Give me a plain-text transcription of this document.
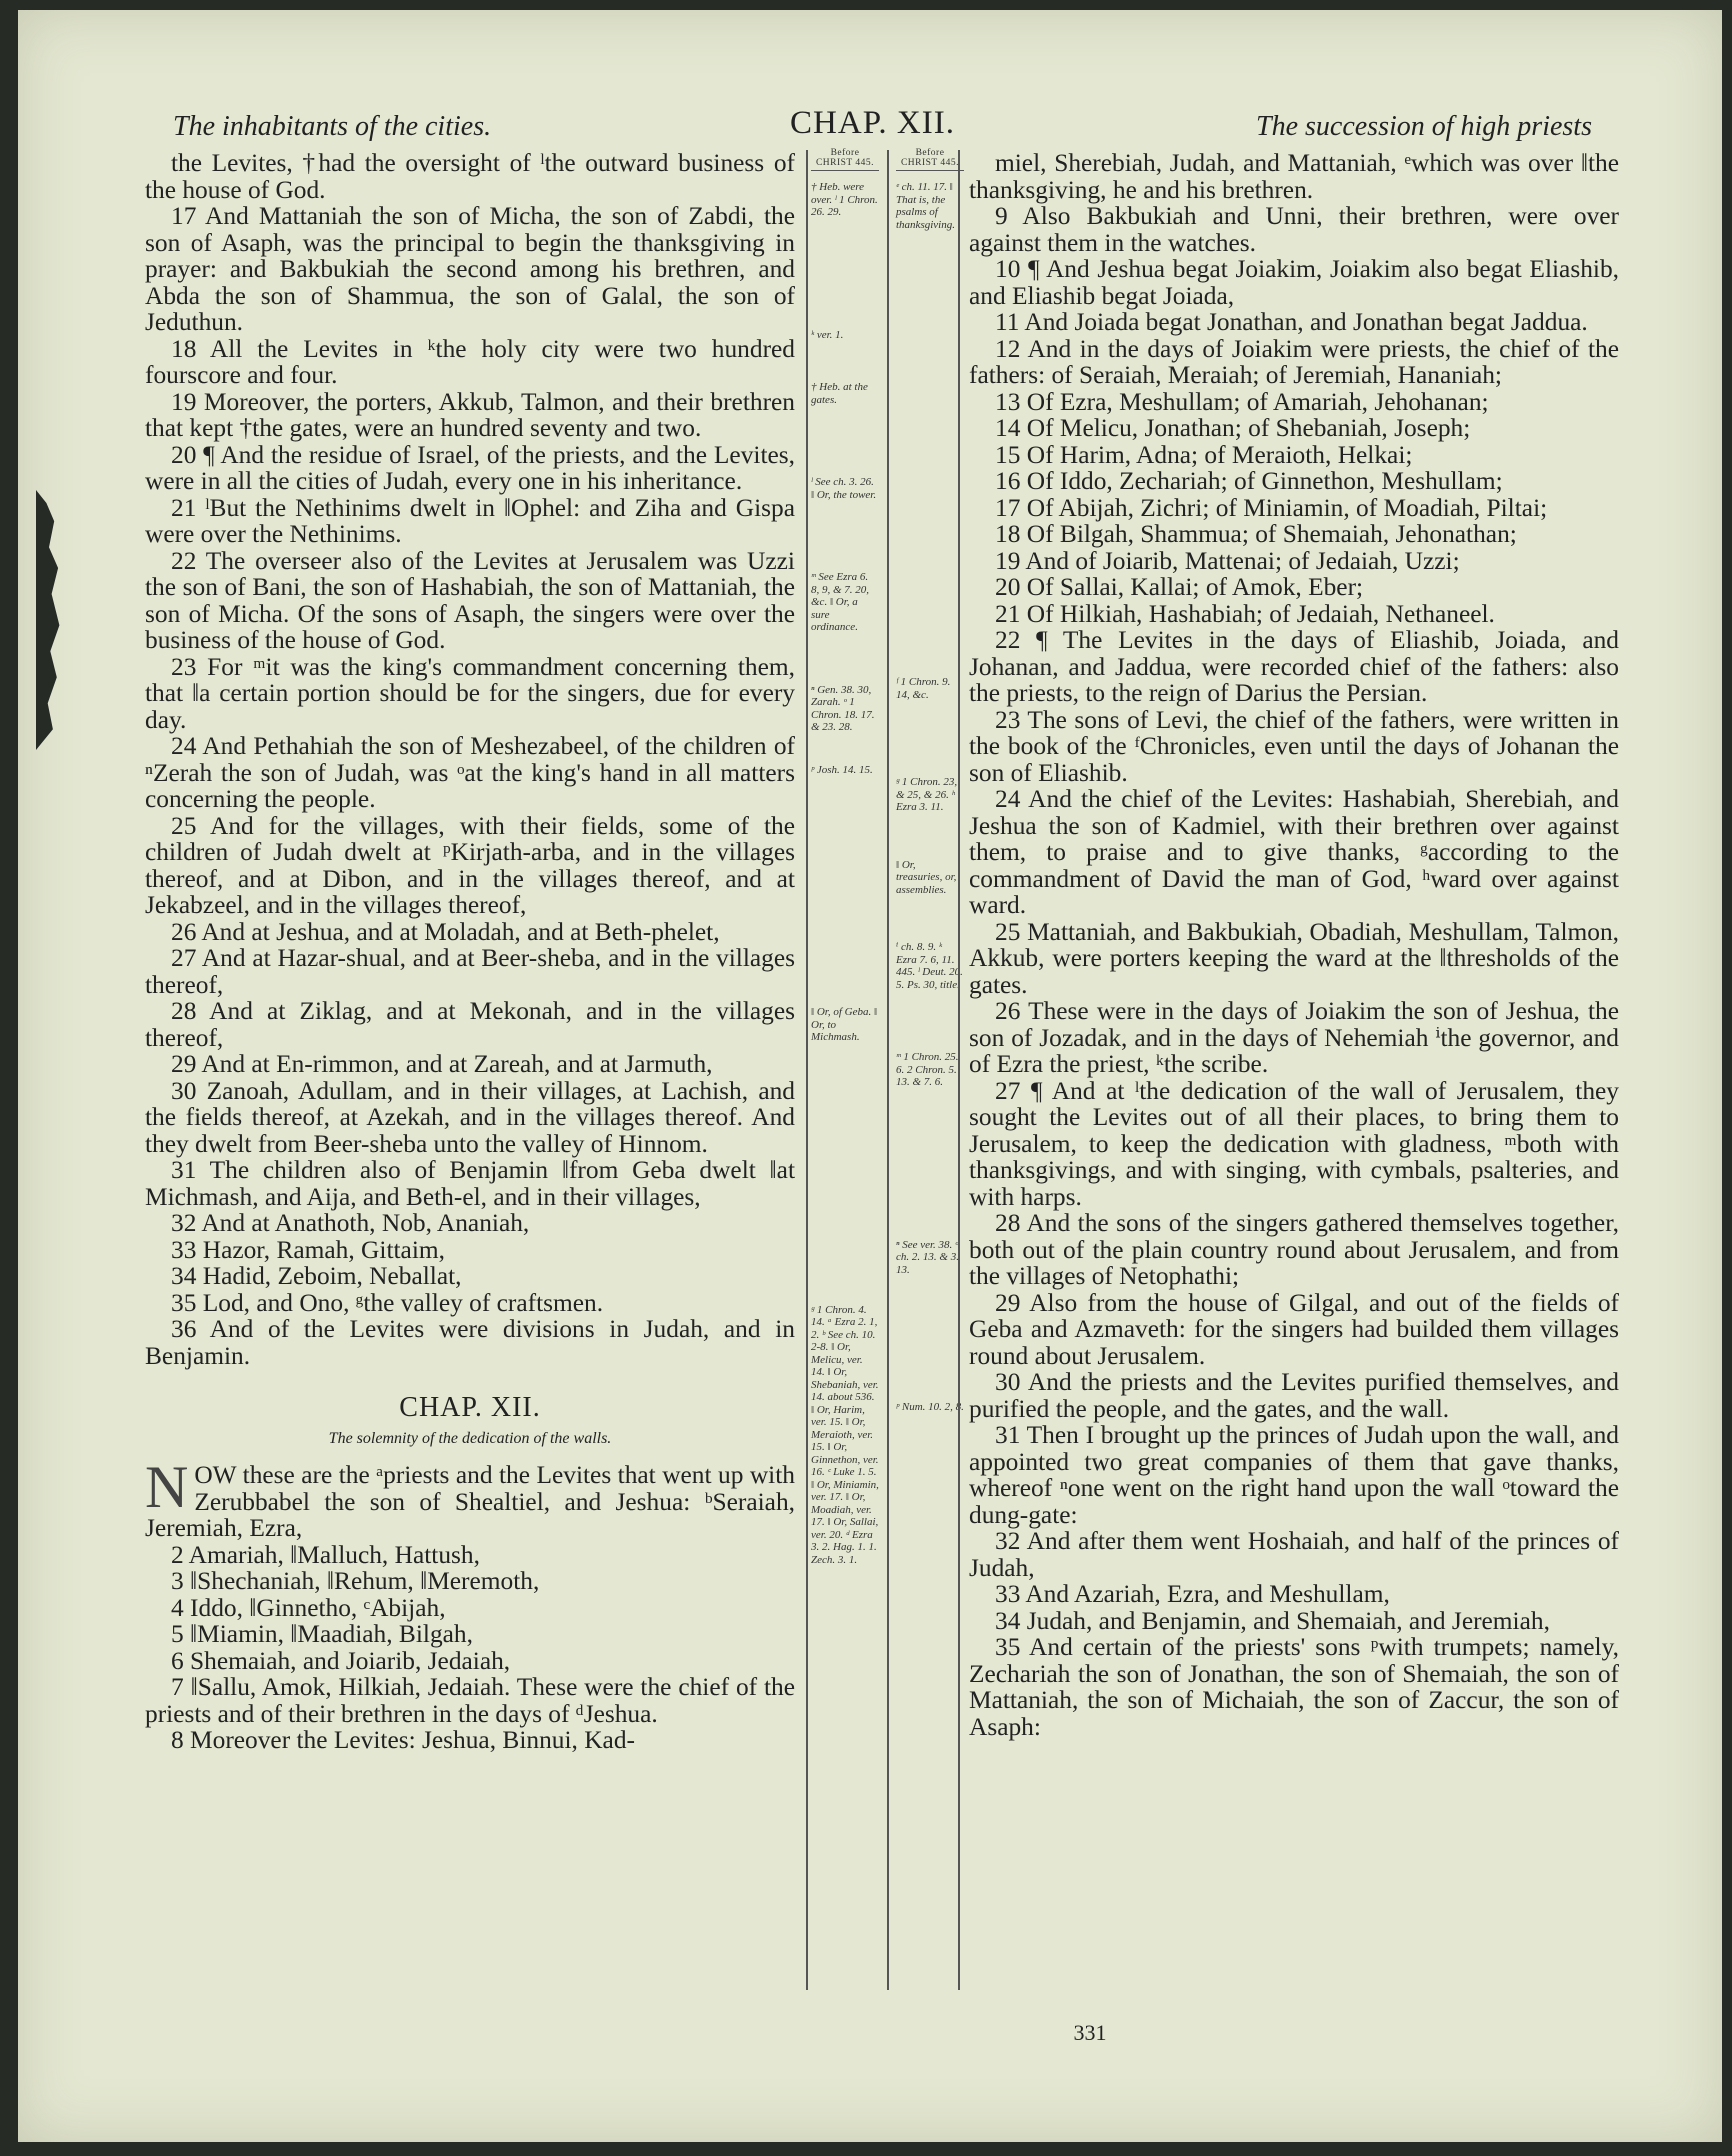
The inhabitants of the cities.	CHAP. XII.	The succession of high priests

the Levites, †had the oversight of ˡthe outward business of the house of God.

17 And Mattaniah the son of Micha, the son of Zabdi, the son of Asaph, was the principal to begin the thanksgiving in prayer: and Bakbukiah the second among his brethren, and Abda the son of Shammua, the son of Galal, the son of Jeduthun.

18 All the Levites in ᵏthe holy city were two hundred fourscore and four.

19 Moreover, the porters, Akkub, Talmon, and their brethren that kept †the gates, were an hundred seventy and two.

20 ¶ And the residue of Israel, of the priests, and the Levites, were in all the cities of Judah, every one in his inheritance.

21 ˡBut the Nethinims dwelt in ‖Ophel: and Ziha and Gispa were over the Nethinims.

22 The overseer also of the Levites at Jerusalem was Uzzi the son of Bani, the son of Hashabiah, the son of Mattaniah, the son of Micha. Of the sons of Asaph, the singers were over the business of the house of God.

23 For ᵐit was the king's commandment concerning them, that ‖a certain portion should be for the singers, due for every day.

24 And Pethahiah the son of Meshezabeel, of the children of ⁿZerah the son of Judah, was ᵒat the king's hand in all matters concerning the people.

25 And for the villages, with their fields, some of the children of Judah dwelt at ᵖKirjath-arba, and in the villages thereof, and at Dibon, and in the villages thereof, and at Jekabzeel, and in the villages thereof,

26 And at Jeshua, and at Moladah, and at Beth-phelet,

27 And at Hazar-shual, and at Beer-sheba, and in the villages thereof,

28 And at Ziklag, and at Mekonah, and in the villages thereof,

29 And at En-rimmon, and at Zareah, and at Jarmuth,

30 Zanoah, Adullam, and in their villages, at Lachish, and the fields thereof, at Azekah, and in the villages thereof. And they dwelt from Beer-sheba unto the valley of Hinnom.

31 The children also of Benjamin ‖from Geba dwelt ‖at Michmash, and Aija, and Beth-el, and in their villages,

32 And at Anathoth, Nob, Ananiah,

33 Hazor, Ramah, Gittaim,

34 Hadid, Zeboim, Neballat,

35 Lod, and Ono, ᵍthe valley of craftsmen.

36 And of the Levites were divisions in Judah, and in Benjamin.

CHAP. XII.
The solemnity of the dedication of the walls.

NOW these are the ᵃpriests and the Levites that went up with Zerubbabel the son of Shealtiel, and Jeshua: ᵇSeraiah, Jeremiah, Ezra,

2 Amariah, ‖Malluch, Hattush,

3 ‖Shechaniah, ‖Rehum, ‖Meremoth,

4 Iddo, ‖Ginnetho, ᶜAbijah,

5 ‖Miamin, ‖Maadiah, Bilgah,

6 Shemaiah, and Joiarib, Jedaiah,

7 ‖Sallu, Amok, Hilkiah, Jedaiah. These were the chief of the priests and of their brethren in the days of ᵈJeshua.

8 Moreover the Levites: Jeshua, Binnui, Kad-

Before CHRIST 445.

† Heb. were over. ˡ 1 Chron. 26. 29.

ᵏ ver. 1.

† Heb. at the gates.

ˡ See ch. 3. 26. ‖ Or, the tower.

ᵐ See Ezra 6. 8, 9, & 7. 20, &c. ‖ Or, a sure ordinance.

ⁿ Gen. 38. 30, Zarah. ᵒ 1 Chron. 18. 17. & 23. 28.

ᵖ Josh. 14. 15.

‖ Or, of Geba. ‖ Or, to Michmash.

ᵍ 1 Chron. 4. 14. ᵃ Ezra 2. 1, 2. ᵇ See ch. 10. 2-8. ‖ Or, Melicu, ver. 14. ‖ Or, Shebaniah, ver. 14. about 536. ‖ Or, Harim, ver. 15. ‖ Or, Meraioth, ver. 15. ‖ Or, Ginnethon, ver. 16. ᶜ Luke 1. 5. ‖ Or, Miniamin, ver. 17. ‖ Or, Moadiah, ver. 17. ‖ Or, Sallai, ver. 20. ᵈ Ezra 3. 2. Hag. 1. 1. Zech. 3. 1.

Before CHRIST 445.

ᵉ ch. 11. 17. ‖ That is, the psalms of thanksgiving.

ᶠ 1 Chron. 9. 14, &c.

ᵍ 1 Chron. 23, & 25, & 26. ʰ Ezra 3. 11.

‖ Or, treasuries, or, assemblies.

ⁱ ch. 8. 9. ᵏ Ezra 7. 6, 11. 445. ˡ Deut. 20. 5. Ps. 30, title.

ᵐ 1 Chron. 25. 6. 2 Chron. 5. 13. & 7. 6.

ⁿ See ver. 38. ᵒ ch. 2. 13. & 3. 13.

ᵖ Num. 10. 2, 8.

miel, Sherebiah, Judah, and Mattaniah, ᵉwhich was over ‖the thanksgiving, he and his brethren.

9 Also Bakbukiah and Unni, their brethren, were over against them in the watches.

10 ¶ And Jeshua begat Joiakim, Joiakim also begat Eliashib, and Eliashib begat Joiada,

11 And Joiada begat Jonathan, and Jonathan begat Jaddua.

12 And in the days of Joiakim were priests, the chief of the fathers: of Seraiah, Meraiah; of Jeremiah, Hananiah;

13 Of Ezra, Meshullam; of Amariah, Jehohanan;

14 Of Melicu, Jonathan; of Shebaniah, Joseph;

15 Of Harim, Adna; of Meraioth, Helkai;

16 Of Iddo, Zechariah; of Ginnethon, Meshullam;

17 Of Abijah, Zichri; of Miniamin, of Moadiah, Piltai;

18 Of Bilgah, Shammua; of Shemaiah, Jehonathan;

19 And of Joiarib, Mattenai; of Jedaiah, Uzzi;

20 Of Sallai, Kallai; of Amok, Eber;

21 Of Hilkiah, Hashabiah; of Jedaiah, Nethaneel.

22 ¶ The Levites in the days of Eliashib, Joiada, and Johanan, and Jaddua, were recorded chief of the fathers: also the priests, to the reign of Darius the Persian.

23 The sons of Levi, the chief of the fathers, were written in the book of the ᶠChronicles, even until the days of Johanan the son of Eliashib.

24 And the chief of the Levites: Hashabiah, Sherebiah, and Jeshua the son of Kadmiel, with their brethren over against them, to praise and to give thanks, ᵍaccording to the commandment of David the man of God, ʰward over against ward.

25 Mattaniah, and Bakbukiah, Obadiah, Meshullam, Talmon, Akkub, were porters keeping the ward at the ‖thresholds of the gates.

26 These were in the days of Joiakim the son of Jeshua, the son of Jozadak, and in the days of Nehemiah ⁱthe governor, and of Ezra the priest, ᵏthe scribe.

27 ¶ And at ˡthe dedication of the wall of Jerusalem, they sought the Levites out of all their places, to bring them to Jerusalem, to keep the dedication with gladness, ᵐboth with thanksgivings, and with singing, with cymbals, psalteries, and with harps.

28 And the sons of the singers gathered themselves together, both out of the plain country round about Jerusalem, and from the villages of Netophathi;

29 Also from the house of Gilgal, and out of the fields of Geba and Azmaveth: for the singers had builded them villages round about Jerusalem.

30 And the priests and the Levites purified themselves, and purified the people, and the gates, and the wall.

31 Then I brought up the princes of Judah upon the wall, and appointed two great companies of them that gave thanks, whereof ⁿone went on the right hand upon the wall ᵒtoward the dung-gate:

32 And after them went Hoshaiah, and half of the princes of Judah,

33 And Azariah, Ezra, and Meshullam,

34 Judah, and Benjamin, and Shemaiah, and Jeremiah,

35 And certain of the priests' sons ᵖwith trumpets; namely, Zechariah the son of Jonathan, the son of Shemaiah, the son of Mattaniah, the son of Michaiah, the son of Zaccur, the son of Asaph:

331
